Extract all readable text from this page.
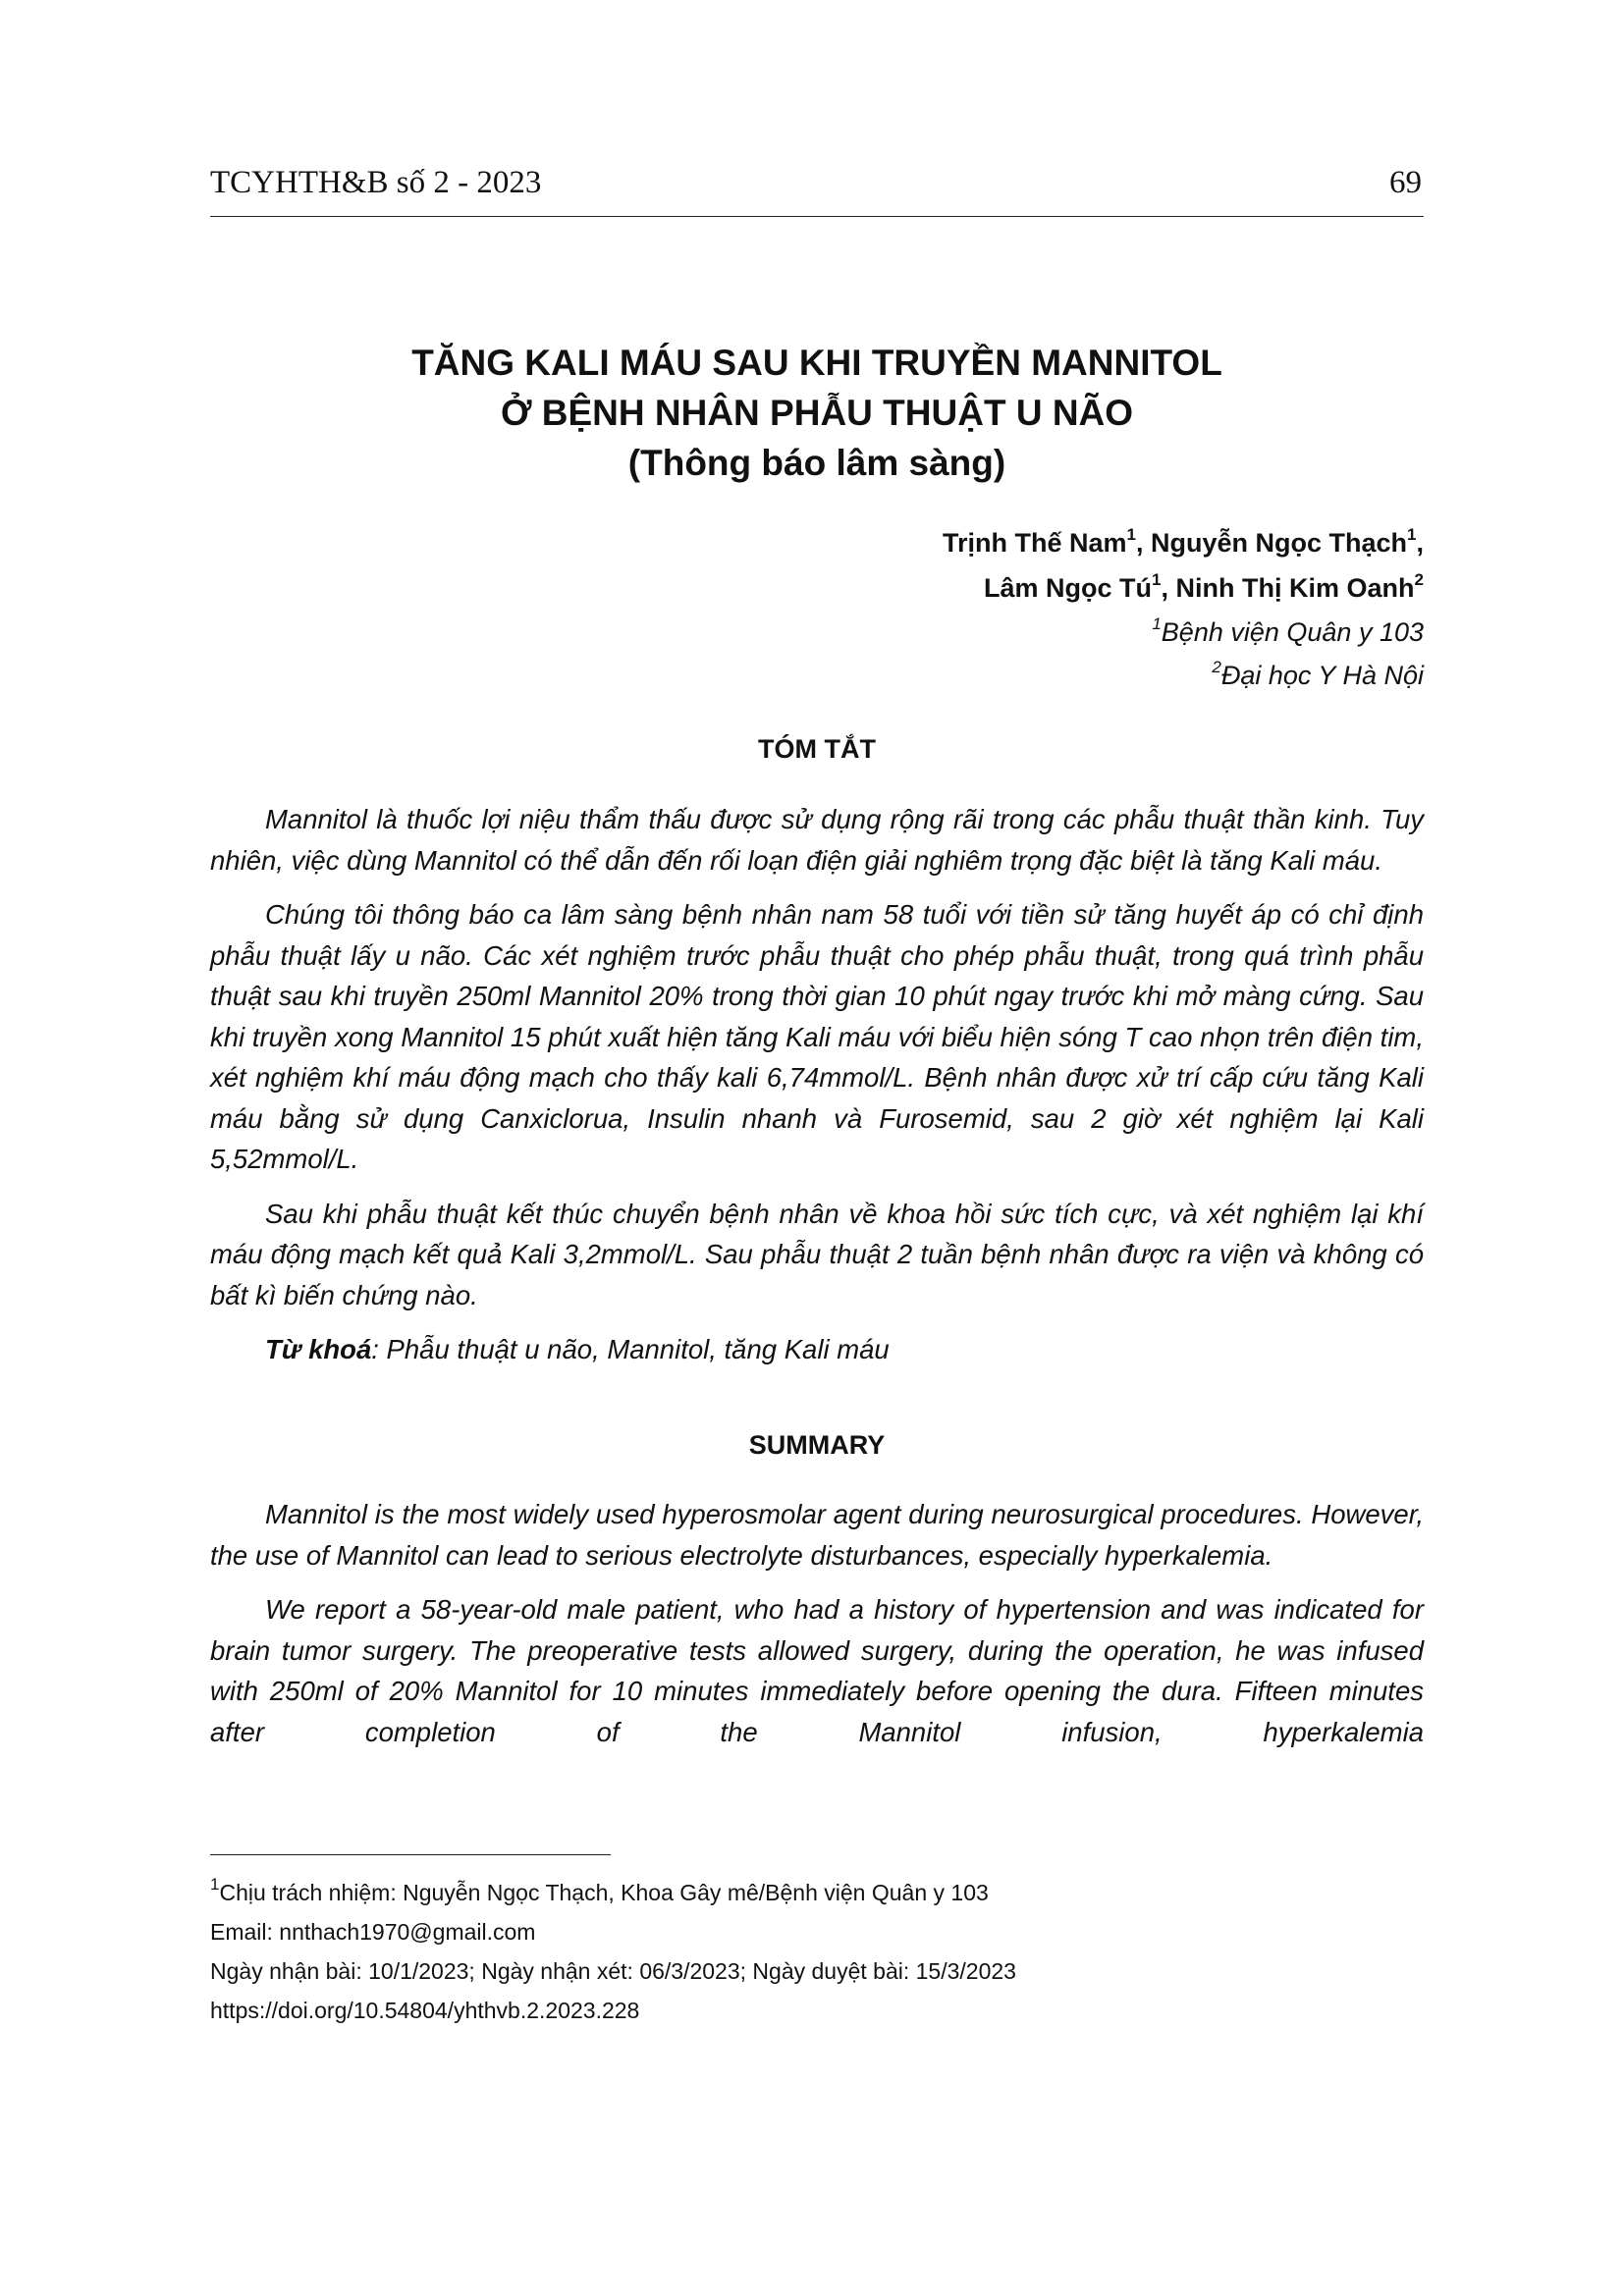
TCYHTH&B số 2 - 2023	69
TĂNG KALI MÁU SAU KHI TRUYỀN MANNITOL
Ở BỆNH NHÂN PHẪU THUẬT U NÃO
(Thông báo lâm sàng)
Trịnh Thế Nam$^1$, Nguyễn Ngọc Thạch$^1$,
Lâm Ngọc $Tú^1$, Ninh Thị Kim Oanh$^2$
$^1$Bệnh viện Quân y 103
$^2$Đại học Y Hà Nội
TÓM TẮT

Mannitol là thuốc lợi niệu thẩm thấu được sử dụng rộng rãi trong các phẫu thuật thần kinh. Tuy nhiên, việc dùng Mannitol có thể dẫn đến rối loạn điện giải nghiêm trọng đặc biệt là tăng Kali máu.

Chúng tôi thông báo ca lâm sàng bệnh nhân nam 58 tuổi với tiền sử tăng huyết áp có chỉ định phẫu thuật lấy u não. Các xét nghiệm trước phẫu thuật cho phép phẫu thuật, trong quá trình phẫu thuật sau khi truyền 250ml Mannitol 20% trong thời gian 10 phút ngay trước khi mở màng cứng. Sau khi truyền xong Mannitol 15 phút xuất hiện tăng Kali máu với biểu hiện sóng T cao nhọn trên điện tim, xét nghiệm khí máu động mạch cho thấy kali 6,74mmol/L. Bệnh nhân được xử trí cấp cứu tăng Kali máu bằng sử dụng Canxiclorua, Insulin nhanh và Furosemid, sau 2 giờ xét nghiệm lại Kali 5,52mmol/L.

Sau khi phẫu thuật kết thúc chuyển bệnh nhân về khoa hồi sức tích cực, và xét nghiệm lại khí máu động mạch kết quả Kali 3,2mmol/L. Sau phẫu thuật 2 tuần bệnh nhân được ra viện và không có bất kì biến chứng nào.

Từ khoá: Phẫu thuật u não, Mannitol, tăng Kali máu

SUMMARY

Mannitol is the most widely used hyperosmolar agent during neurosurgical procedures. However, the use of Mannitol can lead to serious electrolyte disturbances, especially hyperkalemia.

We report a 58-year-old male patient, who had a history of hypertension and was indicated for brain tumor surgery. The preoperative tests allowed surgery, during the operation, he was infused with 250ml of 20% Mannitol for 10 minutes immediately before opening the dura. Fifteen minutes after completion of the Mannitol infusion, hyperkalemia

$^1$Chịu trách nhiệm: Nguyễn Ngọc Thạch, Khoa Gây mê/Bệnh viện Quân y 103
Email: nnthach1970@gmail.com
Ngày nhận bài: 10/1/2023; Ngày nhận xét: 06/3/2023; Ngày duyệt bài: 15/3/2023
https://doi.org/10.54804/yhthvb.2.2023.228
